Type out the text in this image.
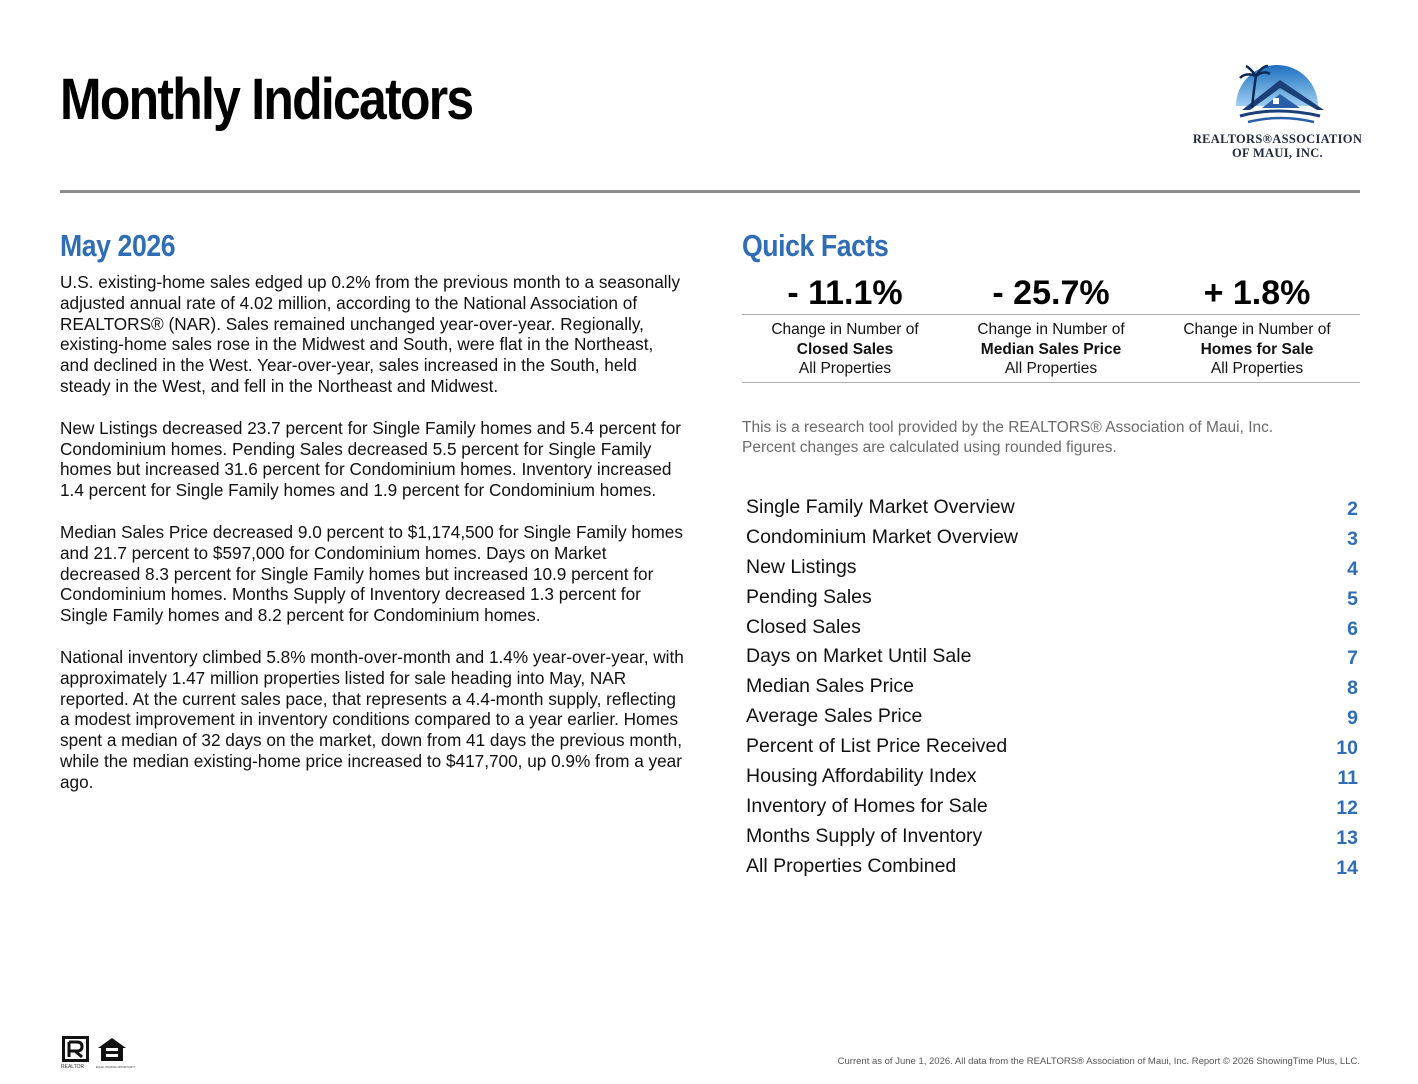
Monthly Indicators
REALTORS®ASSOCIATION
OF MAUI, INC.
May 2026

U.S. existing-home sales edged up 0.2% from the previous month to a seasonally adjusted annual rate of 4.02 million, according to the National Association of REALTORS® (NAR). Sales remained unchanged year-over-year. Regionally, existing-home sales rose in the Midwest and South, were flat in the Northeast, and declined in the West. Year-over-year, sales increased in the South, held steady in the West, and fell in the Northeast and Midwest.

New Listings decreased 23.7 percent for Single Family homes and 5.4 percent for Condominium homes. Pending Sales decreased 5.5 percent for Single Family homes but increased 31.6 percent for Condominium homes. Inventory increased 1.4 percent for Single Family homes and 1.9 percent for Condominium homes.

Median Sales Price decreased 9.0 percent to $1,174,500 for Single Family homes and 21.7 percent to $597,000 for Condominium homes. Days on Market decreased 8.3 percent for Single Family homes but increased 10.9 percent for Condominium homes. Months Supply of Inventory decreased 1.3 percent for Single Family homes and 8.2 percent for Condominium homes.

National inventory climbed 5.8% month-over-month and 1.4% year-over-year, with approximately 1.47 million properties listed for sale heading into May, NAR reported. At the current sales pace, that represents a 4.4-month supply, reflecting a modest improvement in inventory conditions compared to a year earlier. Homes spent a median of 32 days on the market, down from 41 days the previous month, while the median existing-home price increased to $417,700, up 0.9% from a year ago.

Quick Facts
- 11.1%
Change in Number of
Closed Sales
All Properties
- 25.7%
Change in Number of
Median Sales Price
All Properties
+ 1.8%
Change in Number of
Homes for Sale
All Properties
This is a research tool provided by the REALTORS® Association of Maui, Inc.
Percent changes are calculated using rounded figures.
Single Family Market Overview	2
Condominium Market Overview	3
New Listings	4
Pending Sales	5
Closed Sales	6
Days on Market Until Sale	7
Median Sales Price	8
Average Sales Price	9
Percent of List Price Received	10
Housing Affordability Index	11
Inventory of Homes for Sale	12
Months Supply of Inventory	13
All Properties Combined	14
REALTOR	EQUAL HOUSING OPPORTUNITY
Current as of June 1, 2026. All data from the REALTORS® Association of Maui, Inc. Report © 2026 ShowingTime Plus, LLC.
